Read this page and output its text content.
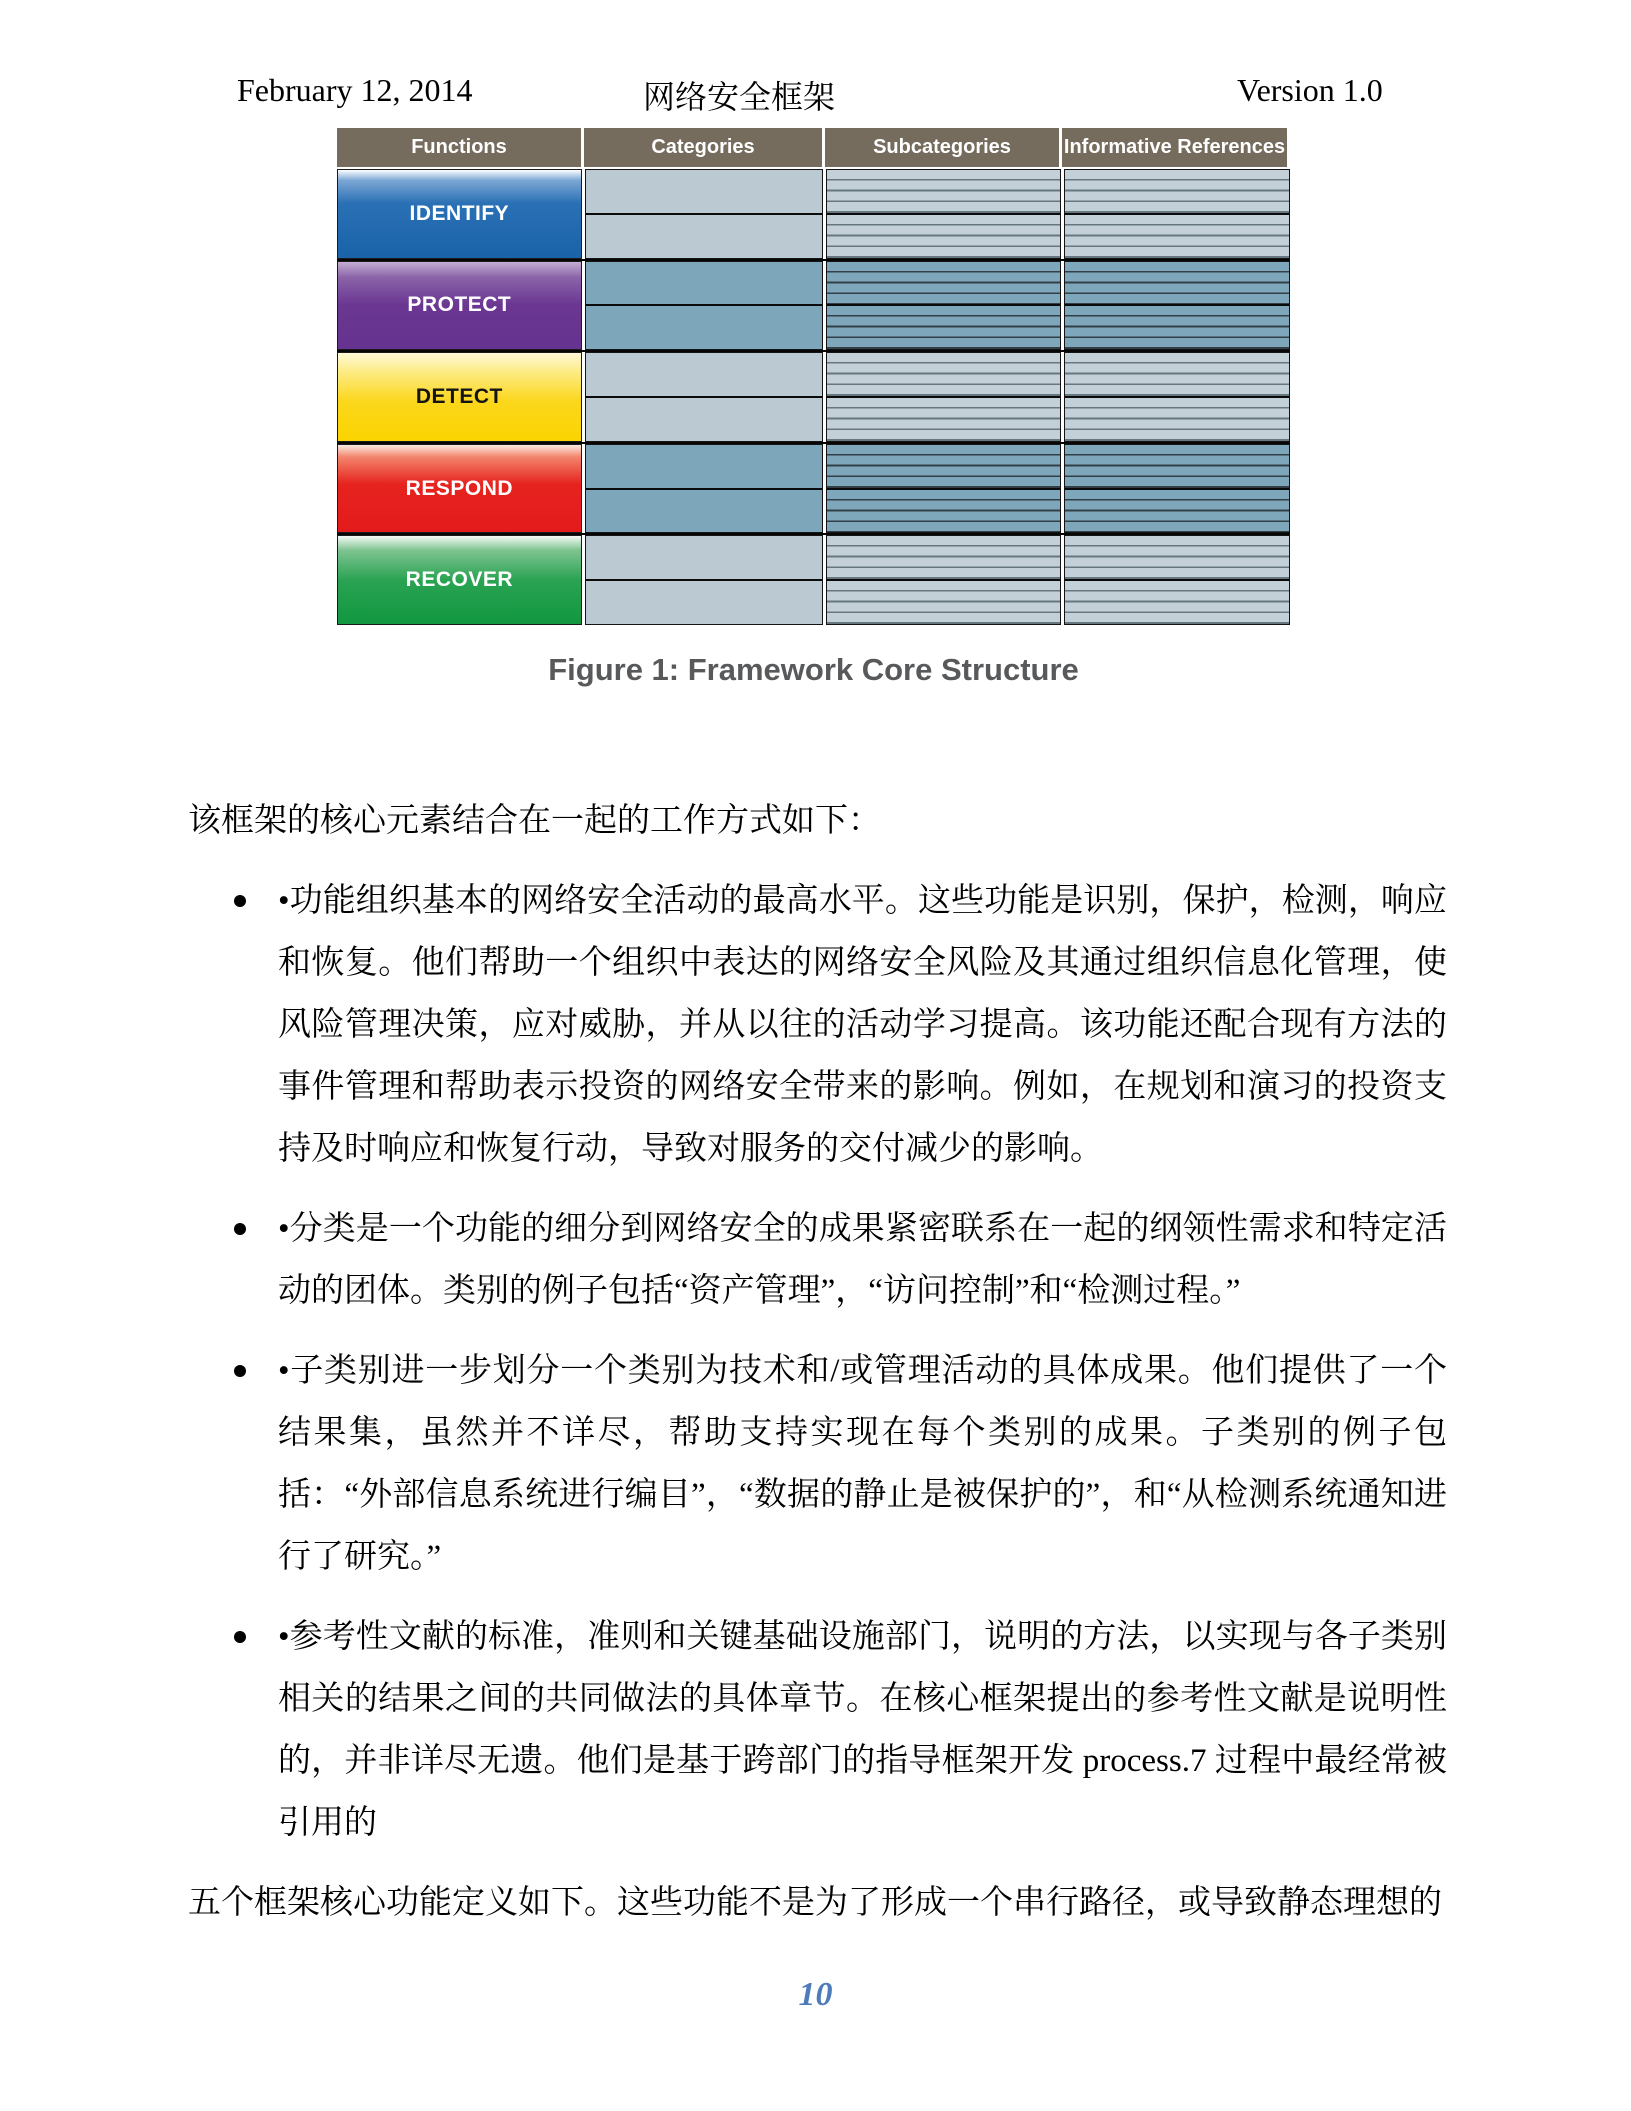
February 12, 2014	网络安全框架	Version 1.0
Functions	Categories	Subcategories	Informative References
IDENTIFY
PROTECT
DETECT
RESPOND
RECOVER
Figure 1: Framework Core Structure

该框架的核心元素结合在一起的工作方式如下：

•功能组织基本的网络安全活动的最高水平。这些功能是识别，保护，检测，响应和恢复。他们帮助一个组织中表达的网络安全风险及其通过组织信息化管理，使风险管理决策，应对威胁，并从以往的活动学习提高。该功能还配合现有方法的事件管理和帮助表示投资的网络安全带来的影响。例如，在规划和演习的投资支持及时响应和恢复行动，导致对服务的交付减少的影响。
•分类是一个功能的细分到网络安全的成果紧密联系在一起的纲领性需求和特定活动的团体。类别的例子包括“资产管理”，“访问控制”和“检测过程。”
•子类别进一步划分一个类别为技术和/或管理活动的具体成果。他们提供了一个结果集，虽然并不详尽，帮助支持实现在每个类别的成果。子类别的例子包括：“外部信息系统进行编目”，“数据的静止是被保护的”，和“从检测系统通知进行了研究。”
•参考性文献的标准，准则和关键基础设施部门，说明的方法，以实现与各子类别相关的结果之间的共同做法的具体章节。在核心框架提出的参考性文献是说明性的，并非详尽无遗。他们是基于跨部门的指导框架开发 process.7 过程中最经常被引用的

五个框架核心功能定义如下。这些功能不是为了形成一个串行路径，或导致静态理想的

10
